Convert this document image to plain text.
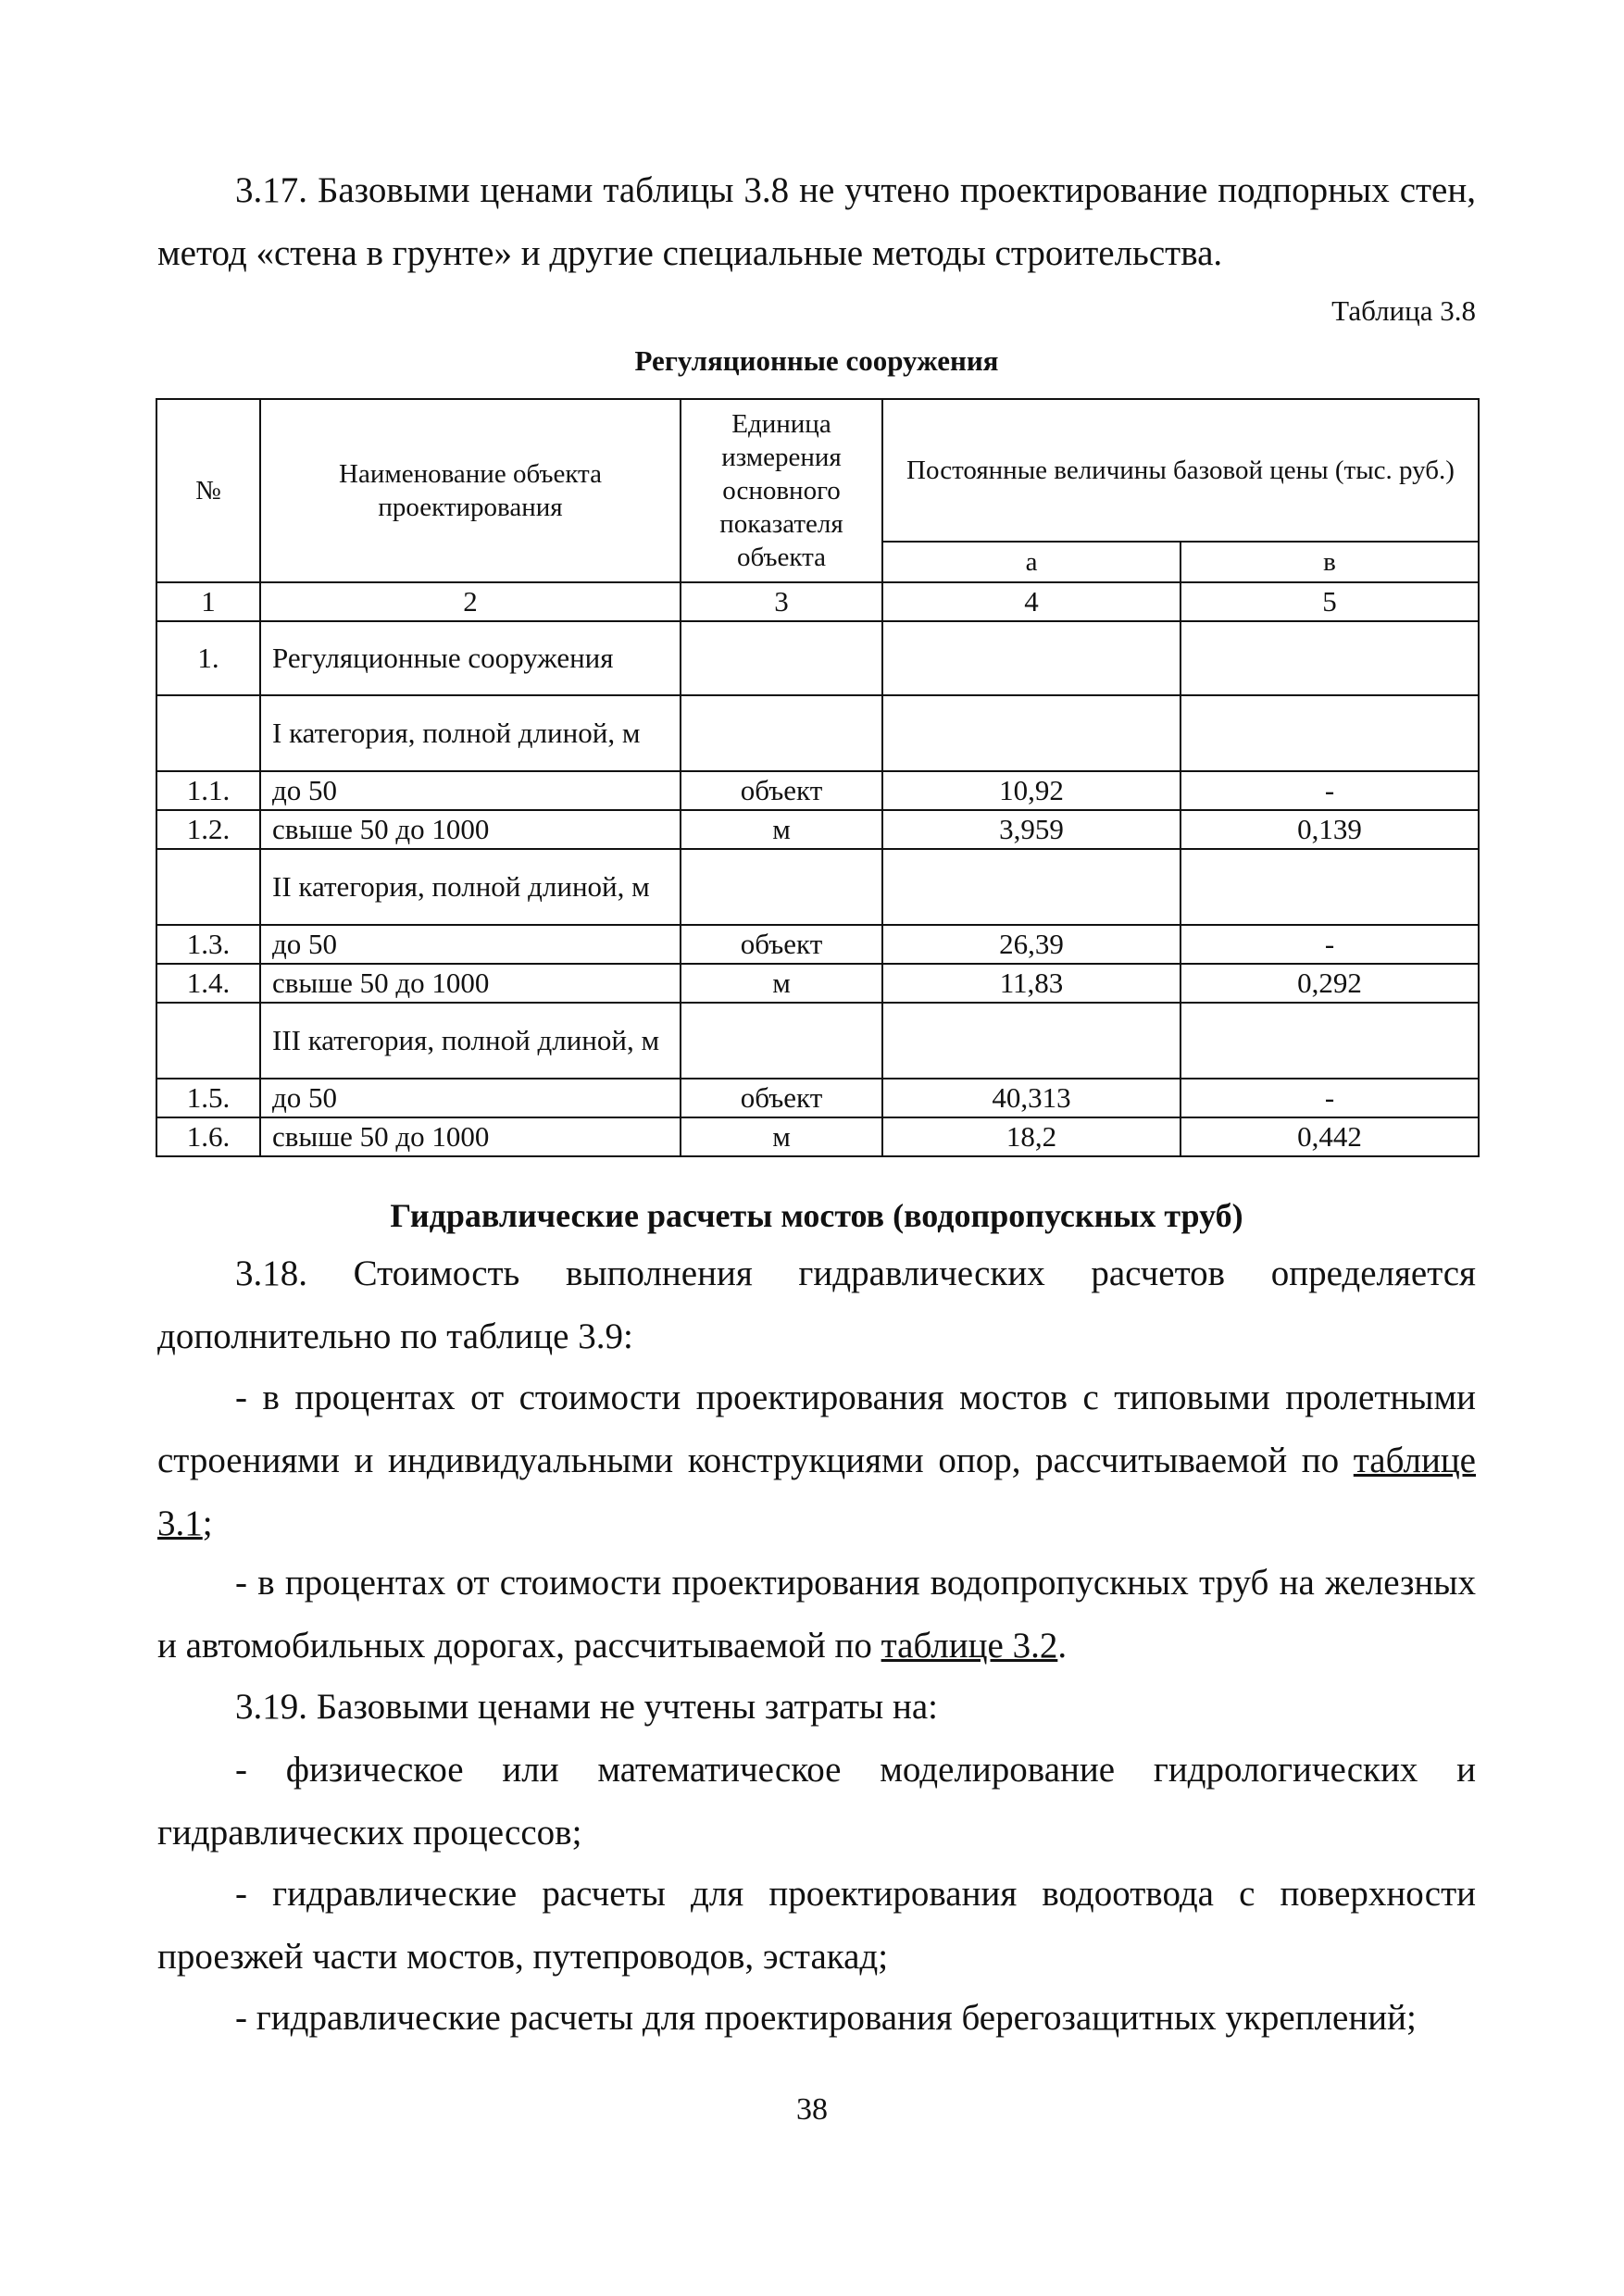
3.17. Базовыми ценами таблицы 3.8 не учтено проектирование подпорных стен, метод «стена в грунте» и другие специальные методы строительства.

Таблица 3.8

Регуляционные сооружения

№	Наименование объекта проектирования	Единица измерения основного показателя объекта	Постоянные величины базовой цены (тыс. руб.)	
			а	в
1	2	3	4	5
1.	Регуляционные сооружения			
	I категория, полной длиной, м			
1.1.	до 50	объект	10,92	-
1.2.	свыше 50 до 1000	м	3,959	0,139
	II категория, полной длиной, м			
1.3.	до 50	объект	26,39	-
1.4.	свыше 50 до 1000	м	11,83	0,292
	III категория, полной длиной, м			
1.5.	до 50	объект	40,313	-
1.6.	свыше 50 до 1000	м	18,2	0,442

Гидравлические расчеты мостов (водопропускных труб)

3.18. Стоимость выполнения гидравлических расчетов определяется дополнительно по таблице 3.9:

- в процентах от стоимости проектирования мостов с типовыми пролетными строениями и индивидуальными конструкциями опор, рассчитываемой по таблице 3.1;

- в процентах от стоимости проектирования водопропускных труб на железных и автомобильных дорогах, рассчитываемой по таблице 3.2.

3.19. Базовыми ценами не учтены затраты на:

- физическое или математическое моделирование гидрологических и гидравлических процессов;

- гидравлические расчеты для проектирования водоотвода с поверхности проезжей части мостов, путепроводов, эстакад;

- гидравлические расчеты для проектирования берегозащитных укреплений;

38
